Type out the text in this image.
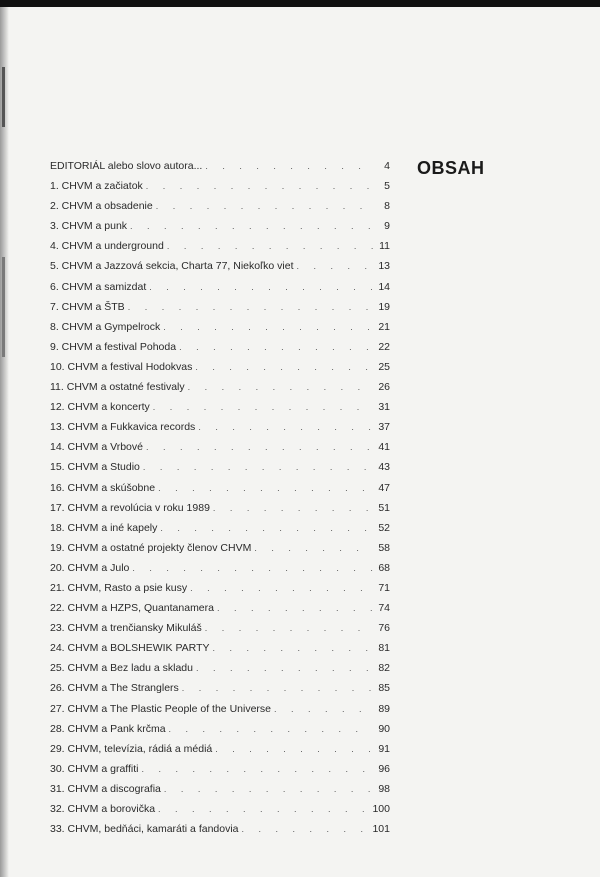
OBSAH
EDITORIÁL alebo slovo autora... . . .	4
1. CHVM a začiatok . . .	5
2. CHVM a obsadenie . . .	8
3. CHVM a punk . . .	9
4. CHVM a underground . . .	11
5. CHVM a Jazzová sekcia, Charta 77, Niekoľko viet . . .	13
6. CHVM a samizdat . . .	14
7. CHVM a ŠTB . . .	19
8. CHVM a Gympelrock . . .	21
9. CHVM a festival Pohoda . . .	22
10. CHVM a festival Hodokvas . . .	25
11. CHVM a ostatné festivaly . . .	26
12. CHVM a koncerty . . .	31
13. CHVM a Fukkavica records . . .	37
14. CHVM a Vrbové . . .	41
15. CHVM a Studio . . .	43
16. CHVM a skúšobne . . .	47
17. CHVM a revolúcia v roku 1989 . . .	51
18. CHVM a iné kapely . . .	52
19. CHVM a ostatné projekty členov CHVM . . .	58
20. CHVM a Julo . . .	68
21. CHVM, Rasto a psie kusy . . .	71
22. CHVM a HZPS, Quantanamera . . .	74
23. CHVM a trenčiansky Mikuláš . . .	76
24. CHVM a BOLSHEWIK PARTY . . .	81
25. CHVM a Bez ladu a skladu . . .	82
26. CHVM a The Stranglers . . .	85
27. CHVM a The Plastic People of the Universe . . .	89
28. CHVM a Pank krčma . . .	90
29. CHVM, televízia, rádiá a médiá . . .	91
30. CHVM a graffiti . . .	96
31. CHVM a discografia . . .	98
32. CHVM a borovička . . .	100
33. CHVM, bedňáci, kamaráti a fandovia . . .	101
